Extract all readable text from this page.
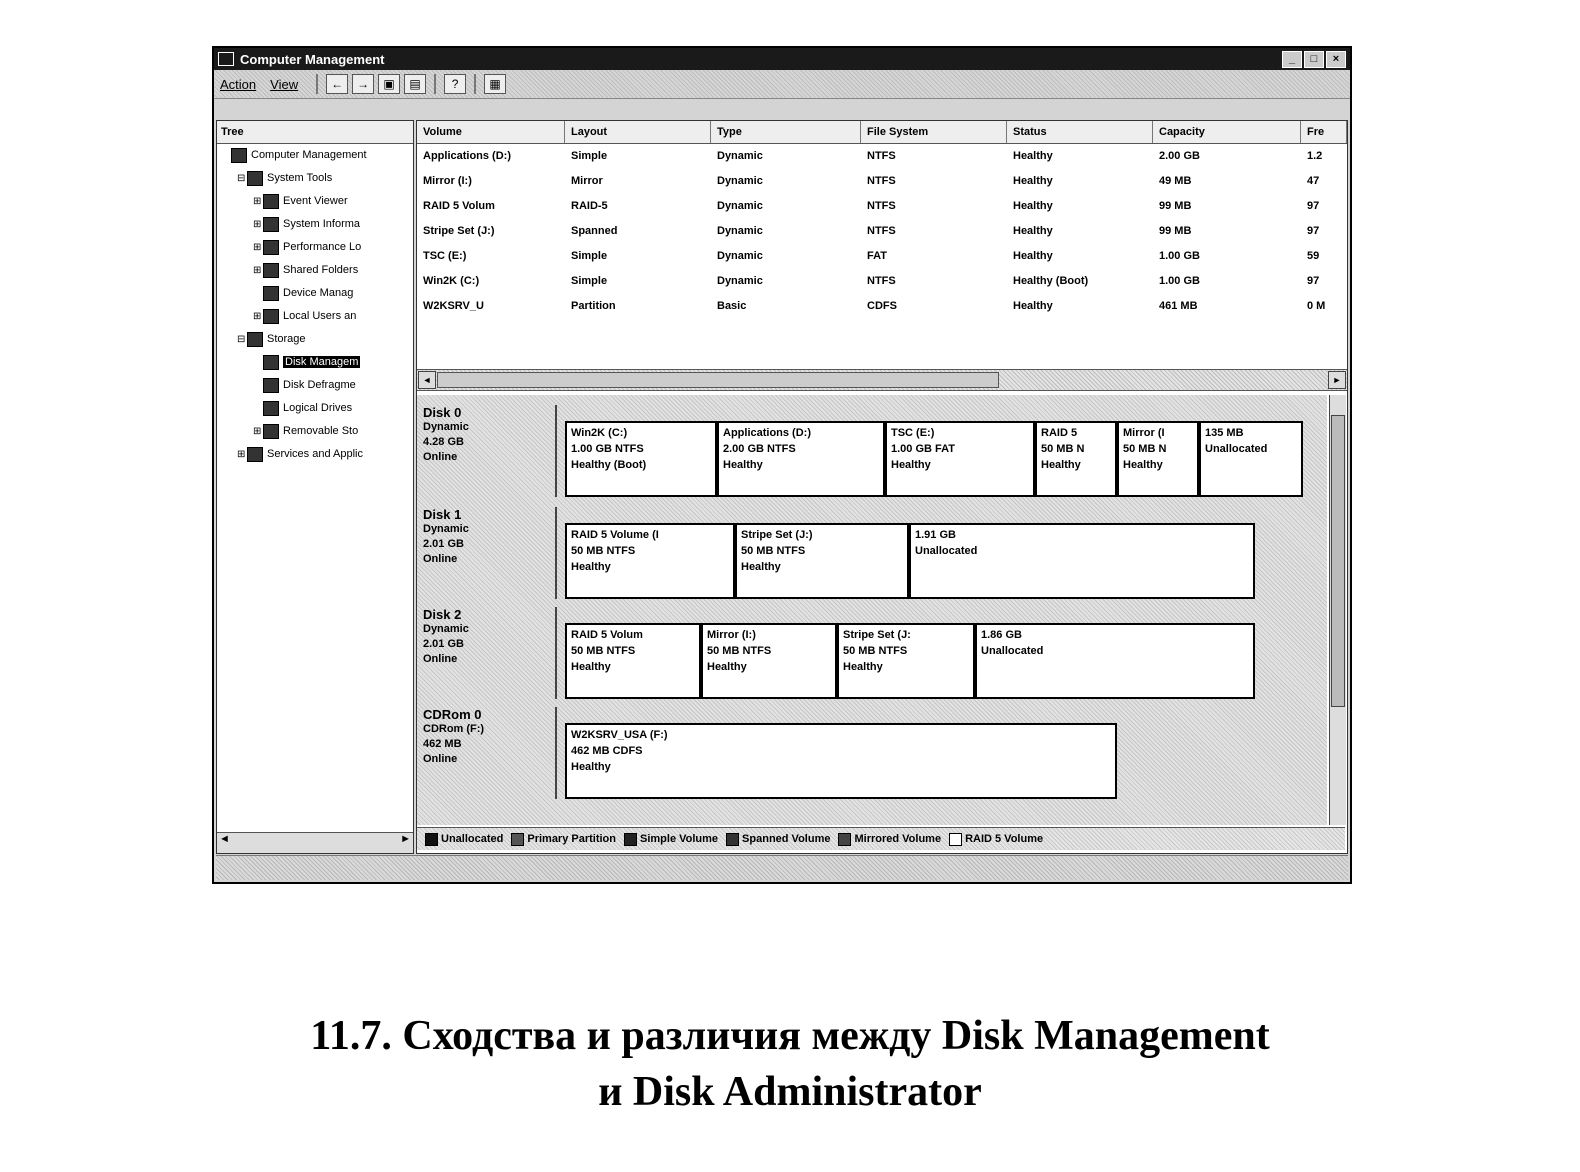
Computer Management	_	□	×
Action View	←	→	▣	▤	?	▦
Tree
Computer Management
⊟ System Tools
⊞ Event Viewer
⊞ System Informa
⊞ Performance Lo
⊞ Shared Folders
Device Manag
⊞ Local Users an
⊟ Storage
Disk Managem
Disk Defragme
Logical Drives
⊞ Removable Sto
⊞ Services and Applic
◄	►
Volume	Layout	Type	File System	Status	Capacity	Fre
Applications (D:)	Simple	Dynamic	NTFS	Healthy	2.00 GB	1.2
Mirror (I:)	Mirror	Dynamic	NTFS	Healthy	49 MB	47
RAID 5 Volum	RAID-5	Dynamic	NTFS	Healthy	99 MB	97
Stripe Set (J:)	Spanned	Dynamic	NTFS	Healthy	99 MB	97
TSC (E:)	Simple	Dynamic	FAT	Healthy	1.00 GB	59
Win2K (C:)	Simple	Dynamic	NTFS	Healthy (Boot)	1.00 GB	97
W2KSRV_U	Partition	Basic	CDFS	Healthy	461 MB	0 M
◄	►
Disk 0
Dynamic
4.28 GB
Online
Win2K (C:)
1.00 GB NTFS
Healthy (Boot)
Applications (D:)
2.00 GB NTFS
Healthy
TSC (E:)
1.00 GB FAT
Healthy
RAID 5
50 MB N
Healthy
Mirror (I
50 MB N
Healthy
135 MB
Unallocated
Disk 1
Dynamic
2.01 GB
Online
RAID 5 Volume (I
50 MB NTFS
Healthy
Stripe Set (J:)
50 MB NTFS
Healthy
1.91 GB
Unallocated
Disk 2
Dynamic
2.01 GB
Online
RAID 5 Volum
50 MB NTFS
Healthy
Mirror (I:)
50 MB NTFS
Healthy
Stripe Set (J:
50 MB NTFS
Healthy
1.86 GB
Unallocated
CDRom 0
CDRom (F:)
462 MB
Online
W2KSRV_USA (F:)
462 MB CDFS
Healthy
Unallocated Primary Partition Simple Volume Spanned Volume Mirrored Volume RAID 5 Volume
11.7. Сходства и различия между Disk Management
и Disk Administrator
